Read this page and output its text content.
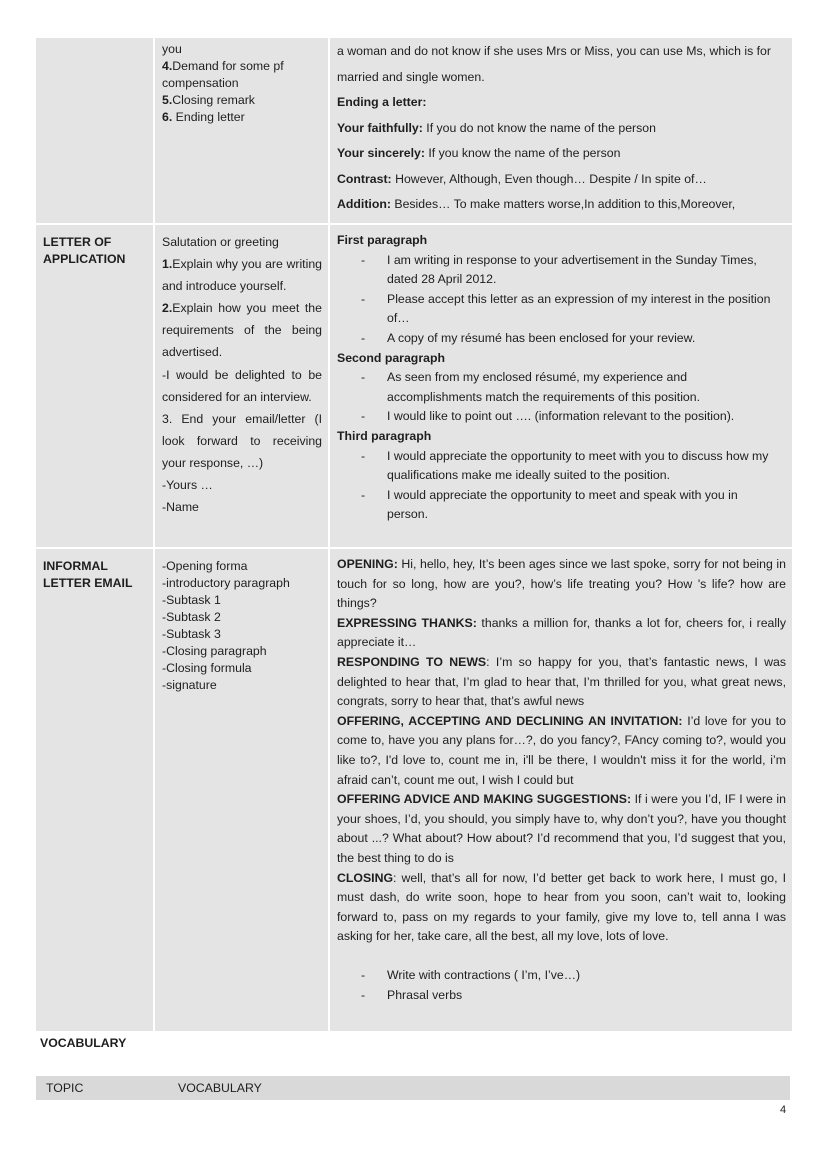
you
4.Demand for some pf compensation
5.Closing remark
6. Ending letter
a woman and do not know if she uses Mrs or Miss, you can use Ms, which is for married and single women.
Ending a letter:
Your faithfully: If you do not know the name of the person
Your sincerely: If you know the name of the person
Contrast: However, Although, Even though… Despite / In spite of…
Addition: Besides… To make matters worse,In addition to this,Moreover,
LETTER OF
APPLICATION
Salutation or greeting
1.Explain why you are writing and introduce yourself.
2.Explain how you meet the requirements of the being advertised.
-I would be delighted to be considered for an interview.
3. End your email/letter (I look forward to receiving your response, …)
-Yours …
-Name
First paragraph
- I am writing in response to your advertisement in the Sunday Times, dated 28 April 2012.
- Please accept this letter as an expression of my interest in the position of…
- A copy of my résumé has been enclosed for your review.
Second paragraph
- As seen from my enclosed résumé, my experience and accomplishments match the requirements of this position.
- I would like to point out …. (information relevant to the position).
Third paragraph
- I would appreciate the opportunity to meet with you to discuss how my qualifications make me ideally suited to the position.
- I would appreciate the opportunity to meet and speak with you in person.
INFORMAL
LETTER EMAIL
-Opening forma
-introductory paragraph
-Subtask 1
-Subtask 2
-Subtask 3
-Closing paragraph
-Closing formula
-signature
OPENING: Hi, hello, hey, It’s been ages since we last spoke, sorry for not being in touch for so long, how are you?, how’s life treating you? How 's life? how are things?
EXPRESSING THANKS: thanks a million for, thanks a lot for, cheers for, i really appreciate it…
RESPONDING TO NEWS: I’m so happy for you, that’s fantastic news, I was delighted to hear that, I’m glad to hear that, I’m thrilled for you, what great news, congrats, sorry to hear that, that’s awful news
OFFERING, ACCEPTING AND DECLINING AN INVITATION: I’d love for you to come to, have you any plans for…?, do you fancy?, FAncy coming to?, would you like to?, I'd love to, count me in, i'll be there, I wouldn't miss it for the world, i’m afraid can’t, count me out, I wish I could but
OFFERING ADVICE AND MAKING SUGGESTIONS: If i were you I’d, IF I were in your shoes, I’d, you should, you simply have to, why don’t you?, have you thought about ...? What about? How about? I’d recommend that you, I’d suggest that you, the best thing to do is
CLOSING: well, that’s all for now, I’d better get back to work here, I must go, I must dash, do write soon, hope to hear from you soon, can’t wait to, looking forward to, pass on my regards to your family, give my love to, tell anna I was asking for her, take care, all the best, all my love, lots of love.
- Write with contractions ( I’m, I’ve…)
- Phrasal verbs
VOCABULARY
TOPIC	VOCABULARY
4
